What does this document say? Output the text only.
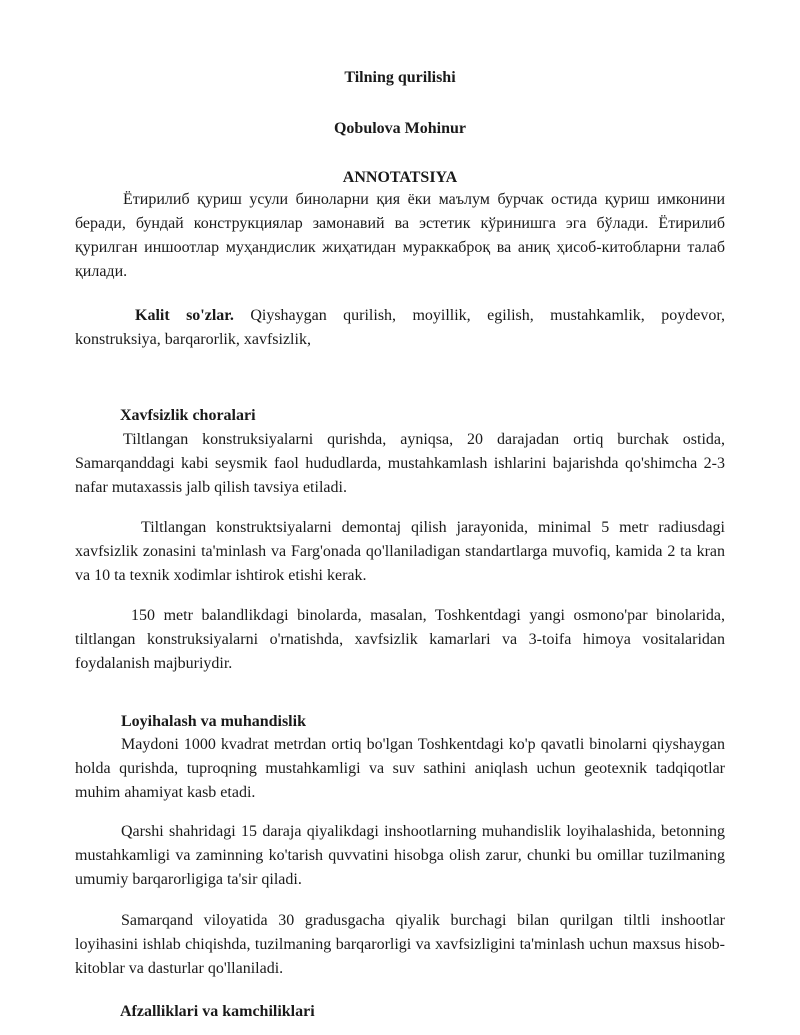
Tilning qurilishi

Qobulova Mohinur

ANNOTATSIYA

Ётирилиб қуриш усули биноларни қия ёки маълум бурчак остида қуриш имконини беради, бундай конструкциялар замонавий ва эстетик кўринишга эга бўлади. Ётирилиб қурилган иншоотлар муҳандислик жиҳатидан мураккаброқ ва аниқ ҳисоб-китобларни талаб қилади.

Kalit so'zlar. Qiyshaygan qurilish, moyillik, egilish, mustahkamlik, poydevor, konstruksiya, barqarorlik, xavfsizlik,

Xavfsizlik choralari

Tiltlangan konstruksiyalarni qurishda, ayniqsa, 20 darajadan ortiq burchak ostida, Samarqanddagi kabi seysmik faol hududlarda, mustahkamlash ishlarini bajarishda qo'shimcha 2-3 nafar mutaxassis jalb qilish tavsiya etiladi.

Tiltlangan konstruktsiyalarni demontaj qilish jarayonida, minimal 5 metr radiusdagi xavfsizlik zonasini ta'minlash va Farg'onada qo'llaniladigan standartlarga muvofiq, kamida 2 ta kran va 10 ta texnik xodimlar ishtirok etishi kerak.

150 metr balandlikdagi binolarda, masalan, Toshkentdagi yangi osmono'par binolarida, tiltlangan konstruksiyalarni o'rnatishda, xavfsizlik kamarlari va 3-toifa himoya vositalaridan foydalanish majburiydir.

Loyihalash va muhandislik

Maydoni 1000 kvadrat metrdan ortiq bo'lgan Toshkentdagi ko'p qavatli binolarni qiyshaygan holda qurishda, tuproqning mustahkamligi va suv sathini aniqlash uchun geotexnik tadqiqotlar muhim ahamiyat kasb etadi.

Qarshi shahridagi 15 daraja qiyalikdagi inshootlarning muhandislik loyihalashida, betonning mustahkamligi va zaminning ko'tarish quvvatini hisobga olish zarur, chunki bu omillar tuzilmaning umumiy barqarorligiga ta'sir qiladi.

Samarqand viloyatida 30 gradusgacha qiyalik burchagi bilan qurilgan tiltli inshootlar loyihasini ishlab chiqishda, tuzilmaning barqarorligi va xavfsizligini ta'minlash uchun maxsus hisob-kitoblar va dasturlar qo'llaniladi.

Afzalliklari va kamchiliklari
